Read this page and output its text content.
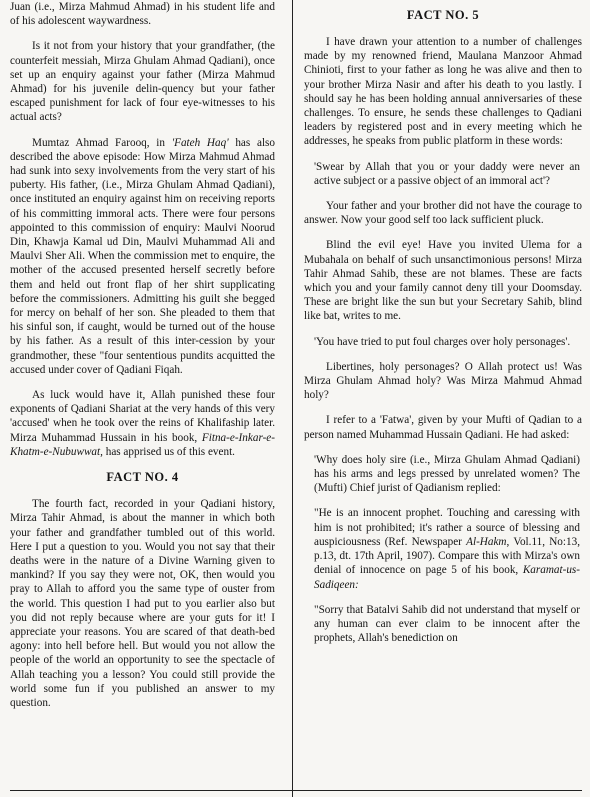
Juan (i.e., Mirza Mahmud Ahmad) in his student life and of his adolescent waywardness.

Is it not from your history that your grandfather, (the counterfeit messiah, Mirza Ghulam Ahmad Qadiani), once set up an enquiry against your father (Mirza Mahmud Ahmad) for his juvenile delin-quency but your father escaped punishment for lack of four eye-witnesses to his actual acts?

Mumtaz Ahmad Farooq, in 'Fateh Haq' has also described the above episode: How Mirza Mahmud Ahmad had sunk into sexy involvements from the very start of his puberty. His father, (i.e., Mirza Ghulam Ahmad Qadiani), once instituted an enquiry against him on receiving reports of his committing immoral acts. There were four persons appointed to this commission of enquiry: Maulvi Noorud Din, Khawja Kamal ud Din, Maulvi Muhammad Ali and Maulvi Sher Ali. When the commission met to enquire, the mother of the accused presented herself secretly before them and held out front flap of her shirt supplicating before the commissioners. Admitting his guilt she begged for mercy on behalf of her son. She pleaded to them that his sinful son, if caught, would be turned out of the house by his father. As a result of this inter-cession by your grandmother, these "four sententious pundits acquitted the accused under cover of Qadiani Fiqah.

As luck would have it, Allah punished these four exponents of Qadiani Shariat at the very hands of this very 'accused' when he took over the reins of Khalifaship later. Mirza Muhammad Hussain in his book, Fitna-e-Inkar-e-Khatm-e-Nubuwwat, has apprised us of this event.

FACT NO. 4

The fourth fact, recorded in your Qadiani history, Mirza Tahir Ahmad, is about the manner in which both your father and grandfather tumbled out of this world. Here I put a question to you. Would you not say that their deaths were in the nature of a Divine Warning given to mankind? If you say they were not, OK, then would you pray to Allah to afford you the same type of ouster from the world. This question I had put to you earlier also but you did not reply because where are your guts for it! I appreciate your reasons. You are scared of that death-bed agony: into hell before hell. But would you not allow the people of the world an opportunity to see the spectacle of Allah teaching you a lesson? You could still provide the world some fun if you published an answer to my question.

FACT NO. 5

I have drawn your attention to a number of challenges made by my renowned friend, Maulana Manzoor Ahmad Chinioti, first to your father as long he was alive and then to your brother Mirza Nasir and after his death to you lastly. I should say he has been holding annual anniversaries of these challenges. To ensure, he sends these challenges to Qadiani leaders by registered post and in every meeting which he addresses, he speaks from public platform in these words:

'Swear by Allah that you or your daddy were never an active subject or a passive object of an immoral act'?

Your father and your brother did not have the courage to answer. Now your good self too lack sufficient pluck.

Blind the evil eye! Have you invited Ulema for a Mubahala on behalf of such unsanctimonious persons! Mirza Tahir Ahmad Sahib, these are not blames. These are facts which you and your family cannot deny till your Doomsday. These are bright like the sun but your Secretary Sahib, blind like bat, writes to me.

'You have tried to put foul charges over holy personages'.

Libertines, holy personages? O Allah protect us! Was Mirza Ghulam Ahmad holy? Was Mirza Mahmud Ahmad holy?

I refer to a 'Fatwa', given by your Mufti of Qadian to a person named Muhammad Hussain Qadiani. He had asked:

'Why does holy sire (i.e., Mirza Ghulam Ahmad Qadiani) has his arms and legs pressed by unrelated women? The (Mufti) Chief jurist of Qadianism replied:

"He is an innocent prophet. Touching and caressing with him is not prohibited; it's rather a source of blessing and auspiciousness (Ref. Newspaper Al-Hakm, Vol.11, No:13, p.13, dt. 17th April, 1907). Compare this with Mirza's own denial of innocence on page 5 of his book, Karamat-us-Sadiqeen:

"Sorry that Batalvi Sahib did not understand that myself or any human can ever claim to be innocent after the prophets, Allah's benediction on
